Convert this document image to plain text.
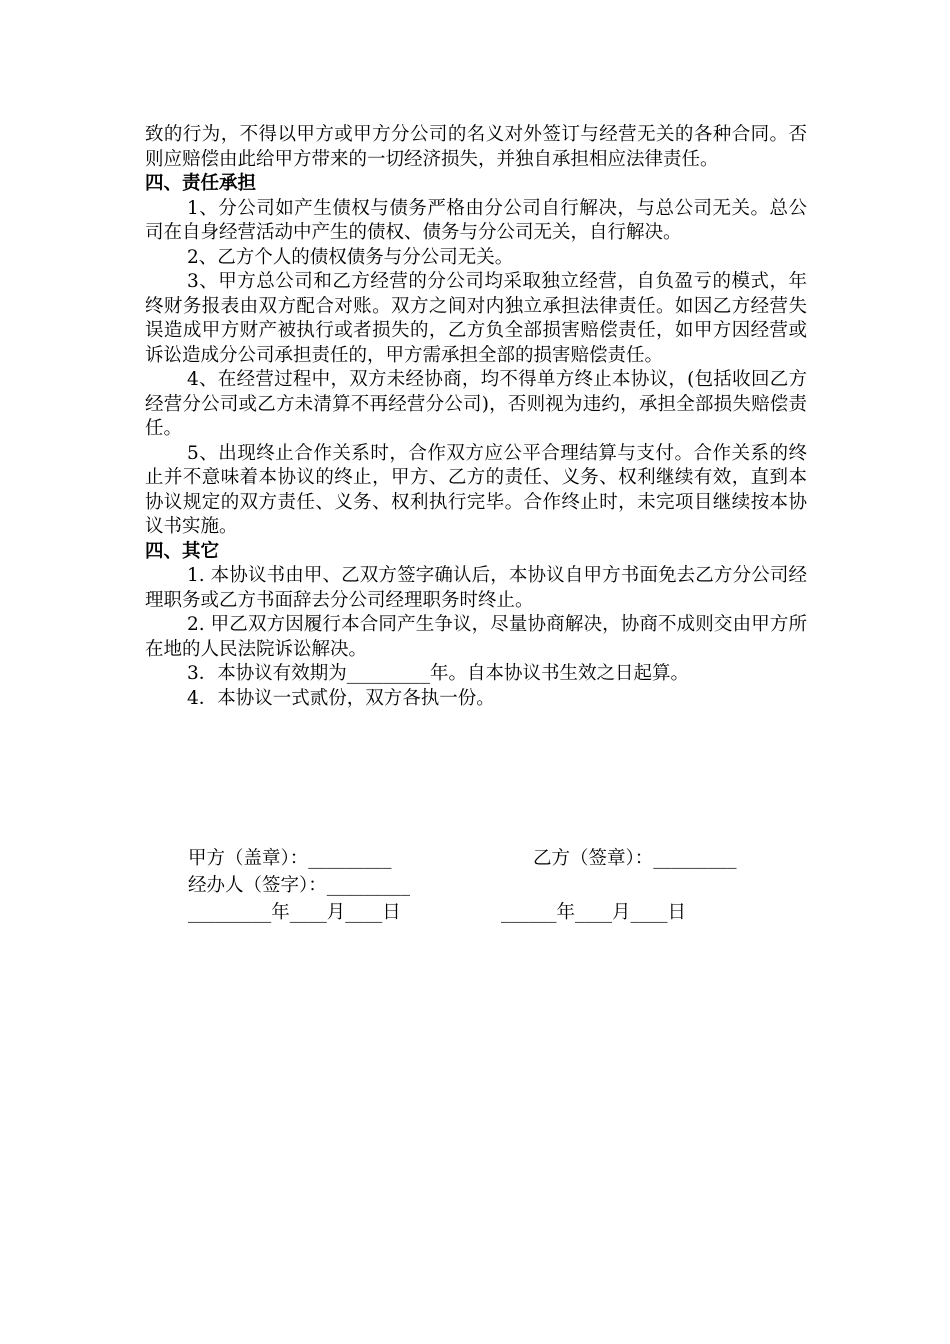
致的行为，不得以甲方或甲方分公司的名义对外签订与经营无关的各种合同。否则应赔偿由此给甲方带来的一切经济损失，并独自承担相应法律责任。

四、责任承担

1、分公司如产生债权与债务严格由分公司自行解决，与总公司无关。总公司在自身经营活动中产生的债权、债务与分公司无关，自行解决。

2、乙方个人的债权债务与分公司无关。

3、甲方总公司和乙方经营的分公司均采取独立经营，自负盈亏的模式，年终财务报表由双方配合对账。双方之间对内独立承担法律责任。如因乙方经营失误造成甲方财产被执行或者损失的，乙方负全部损害赔偿责任，如甲方因经营或诉讼造成分公司承担责任的，甲方需承担全部的损害赔偿责任。

4、在经营过程中，双方未经协商，均不得单方终止本协议，(包括收回乙方经营分公司或乙方未清算不再经营分公司)，否则视为违约，承担全部损失赔偿责任。

5、出现终止合作关系时，合作双方应公平合理结算与支付。合作关系的终止并不意味着本协议的终止，甲方、乙方的责任、义务、权利继续有效，直到本协议规定的双方责任、义务、权利执行完毕。合作终止时，未完项目继续按本协议书实施。

四、其它

1. 本协议书由甲、乙双方签字确认后，本协议自甲方书面免去乙方分公司经理职务或乙方书面辞去分公司经理职务时终止。

2. 甲乙双方因履行本合同产生争议，尽量协商解决，协商不成则交由甲方所在地的人民法院诉讼解决。

3．本协议有效期为_________年。自本协议书生效之日起算。

4．本协议一式贰份，双方各执一份。

甲方（盖章）：_________	乙方（签章）：_________
经办人（签字）：_________
_________年____月____日	______年____月____日
